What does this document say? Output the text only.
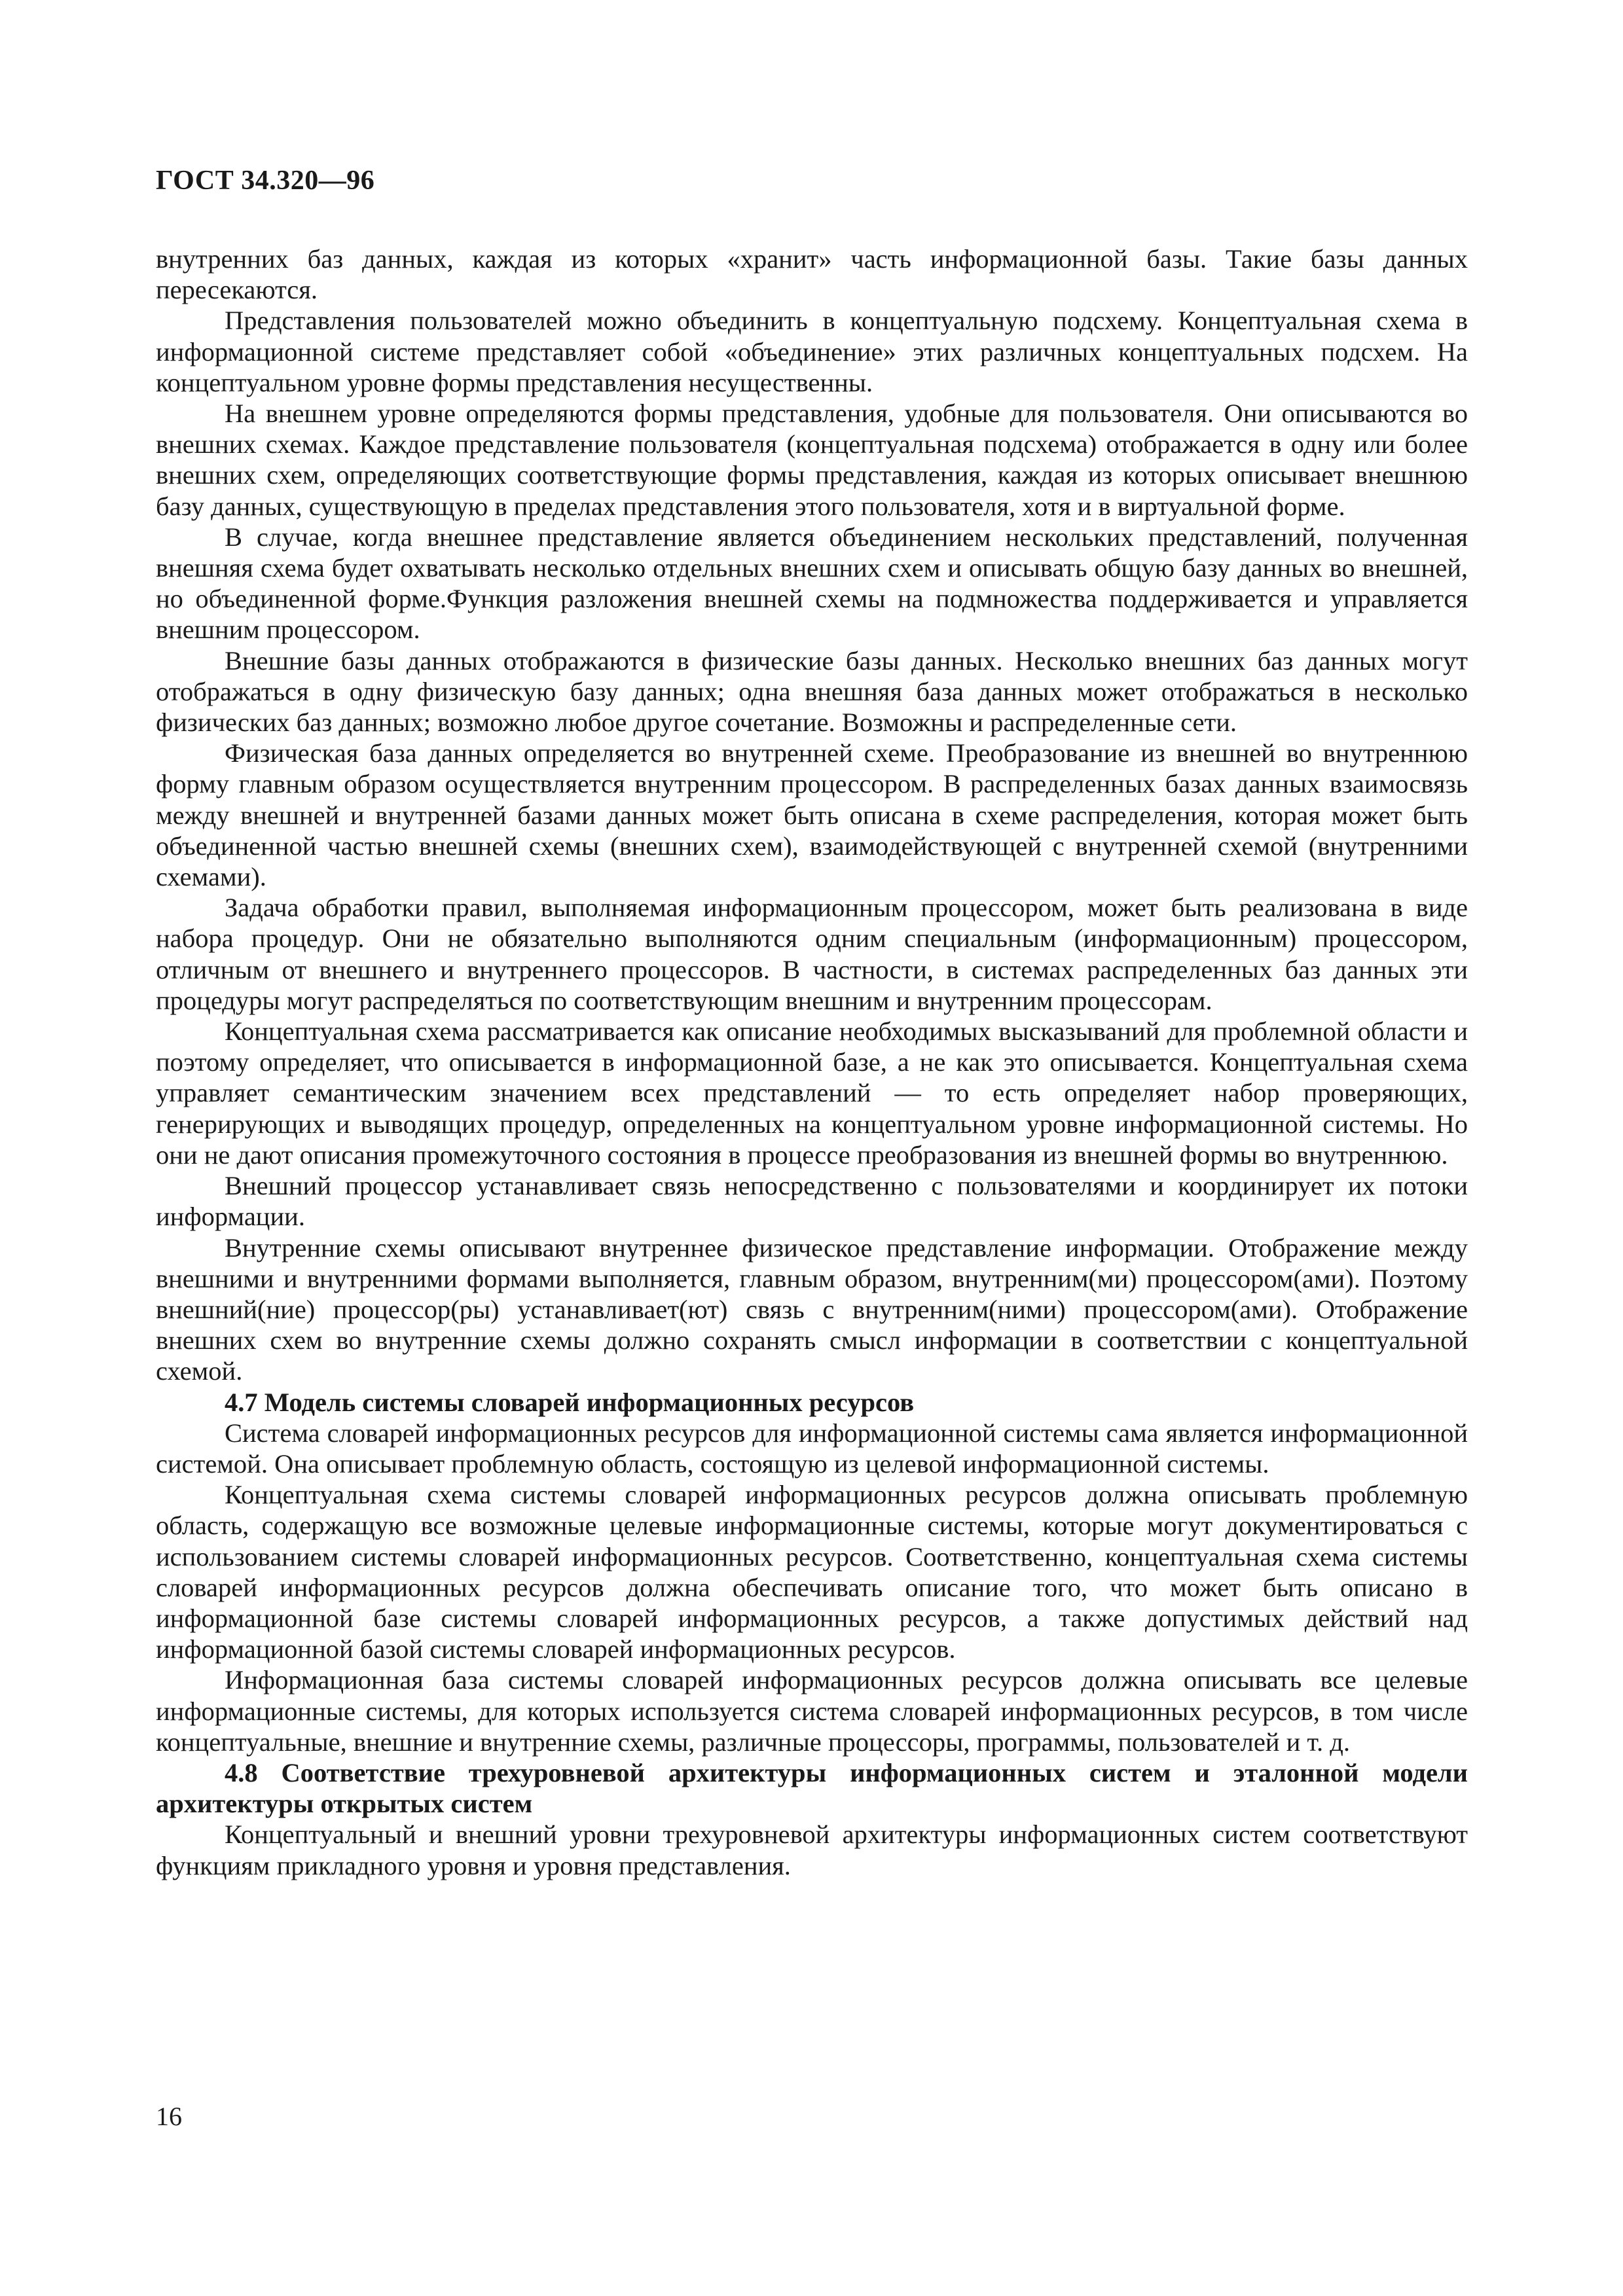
ГОСТ 34.320—96

внутренних баз данных, каждая из которых «хранит» часть информационной базы. Такие базы данных пересекаются.

Представления пользователей можно объединить в концептуальную подсхему. Концептуальная схема в информационной системе представляет собой «объединение» этих различных концептуальных подсхем. На концептуальном уровне формы представления несущественны.

На внешнем уровне определяются формы представления, удобные для пользователя. Они описываются во внешних схемах. Каждое представление пользователя (концептуальная подсхема) отображается в одну или более внешних схем, определяющих соответствующие формы представления, каждая из которых описывает внешнюю базу данных, существующую в пределах представления этого пользователя, хотя и в виртуальной форме.

В случае, когда внешнее представление является объединением нескольких представлений, полученная внешняя схема будет охватывать несколько отдельных внешних схем и описывать общую базу данных во внешней, но объединенной форме.Функция разложения внешней схемы на подмножества поддерживается и управляется внешним процессором.

Внешние базы данных отображаются в физические базы данных. Несколько внешних баз данных могут отображаться в одну физическую базу данных; одна внешняя база данных может отображаться в несколько физических баз данных; возможно любое другое сочетание. Возможны и распределенные сети.

Физическая база данных определяется во внутренней схеме. Преобразование из внешней во внутреннюю форму главным образом осуществляется внутренним процессором. В распределенных базах данных взаимосвязь между внешней и внутренней базами данных может быть описана в схеме распределения, которая может быть объединенной частью внешней схемы (внешних схем), взаимодействующей с внутренней схемой (внутренними схемами).

Задача обработки правил, выполняемая информационным процессором, может быть реализована в виде набора процедур. Они не обязательно выполняются одним специальным (информационным) процессором, отличным от внешнего и внутреннего процессоров. В частности, в системах распределенных баз данных эти процедуры могут распределяться по соответствующим внешним и внутренним процессорам.

Концептуальная схема рассматривается как описание необходимых высказываний для проблемной области и поэтому определяет, что описывается в информационной базе, а не как это описывается. Концептуальная схема управляет семантическим значением всех представлений — то есть определяет набор проверяющих, генерирующих и выводящих процедур, определенных на концептуальном уровне информационной системы. Но они не дают описания промежуточного состояния в процессе преобразования из внешней формы во внутреннюю.

Внешний процессор устанавливает связь непосредственно с пользователями и координирует их потоки информации.

Внутренние схемы описывают внутреннее физическое представление информации. Отображение между внешними и внутренними формами выполняется, главным образом, внутренним(ми) процессором(ами). Поэтому внешний(ние) процессор(ры) устанавливает(ют) связь с внутренним(ними) процессором(ами). Отображение внешних схем во внутренние схемы должно сохранять смысл информации в соответствии с концептуальной схемой.

4.7 Модель системы словарей информационных ресурсов

Система словарей информационных ресурсов для информационной системы сама является информационной системой. Она описывает проблемную область, состоящую из целевой информационной системы.

Концептуальная схема системы словарей информационных ресурсов должна описывать проблемную область, содержащую все возможные целевые информационные системы, которые могут документироваться с использованием системы словарей информационных ресурсов. Соответственно, концептуальная схема системы словарей информационных ресурсов должна обеспечивать описание того, что может быть описано в информационной базе системы словарей информационных ресурсов, а также допустимых действий над информационной базой системы словарей информационных ресурсов.

Информационная база системы словарей информационных ресурсов должна описывать все целевые информационные системы, для которых используется система словарей информационных ресурсов, в том числе концептуальные, внешние и внутренние схемы, различные процессоры, программы, пользователей и т. д.

4.8 Соответствие трехуровневой архитектуры информационных систем и эталонной модели архитектуры открытых систем

Концептуальный и внешний уровни трехуровневой архитектуры информационных систем соответствуют функциям прикладного уровня и уровня представления.

16
